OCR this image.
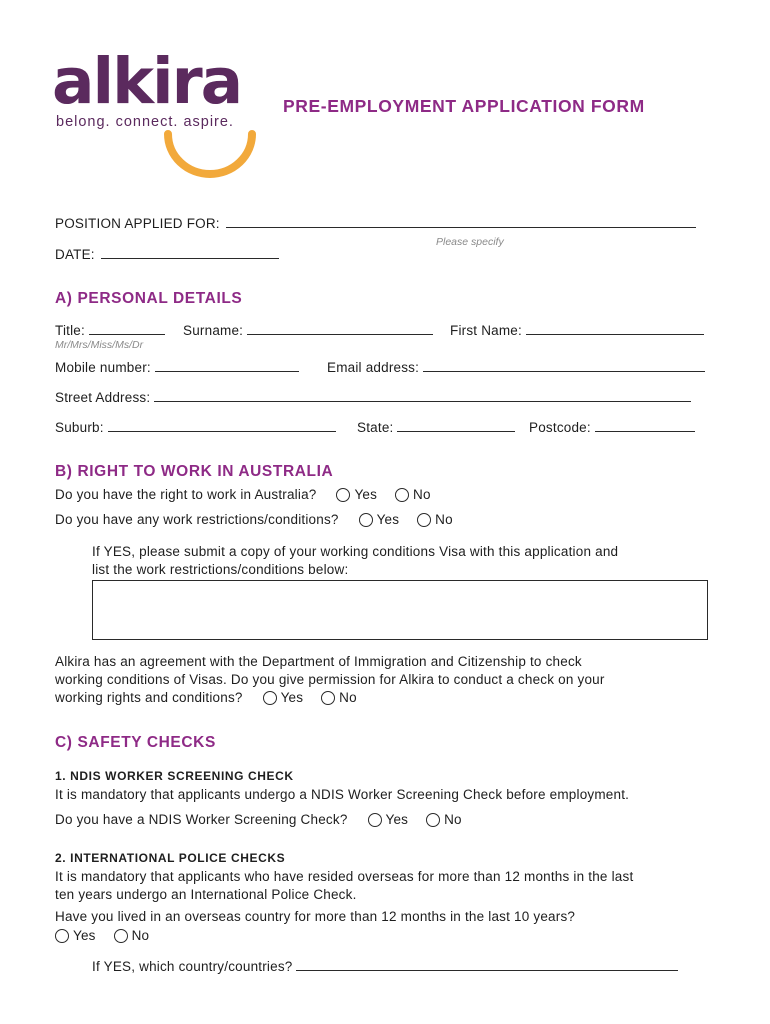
alkira
belong. connect. aspire.
PRE-EMPLOYMENT APPLICATION FORM
POSITION APPLIED FOR:
Please specify
DATE:
A) PERSONAL DETAILS
Title:	Surname:	First Name:
Mr/Mrs/Miss/Ms/Dr
Mobile number:	Email address:
Street Address:
Suburb:	State:	Postcode:
B) RIGHT TO WORK IN AUSTRALIA
Do you have the right to work in Australia?	Yes	No
Do you have any work restrictions/conditions?	Yes	No
If YES, please submit a copy of your working conditions Visa with this application and
list the work restrictions/conditions below:
Alkira has an agreement with the Department of Immigration and Citizenship to check
working conditions of Visas. Do you give permission for Alkira to conduct a check on your
working rights and conditions?	Yes	No
C) SAFETY CHECKS
1. NDIS WORKER SCREENING CHECK
It is mandatory that applicants undergo a NDIS Worker Screening Check before employment.
Do you have a NDIS Worker Screening Check?	Yes	No
2. INTERNATIONAL POLICE CHECKS
It is mandatory that applicants who have resided overseas for more than 12 months in the last
ten years undergo an International Police Check.
Have you lived in an overseas country for more than 12 months in the last 10 years?
Yes	No
If YES, which country/countries?
